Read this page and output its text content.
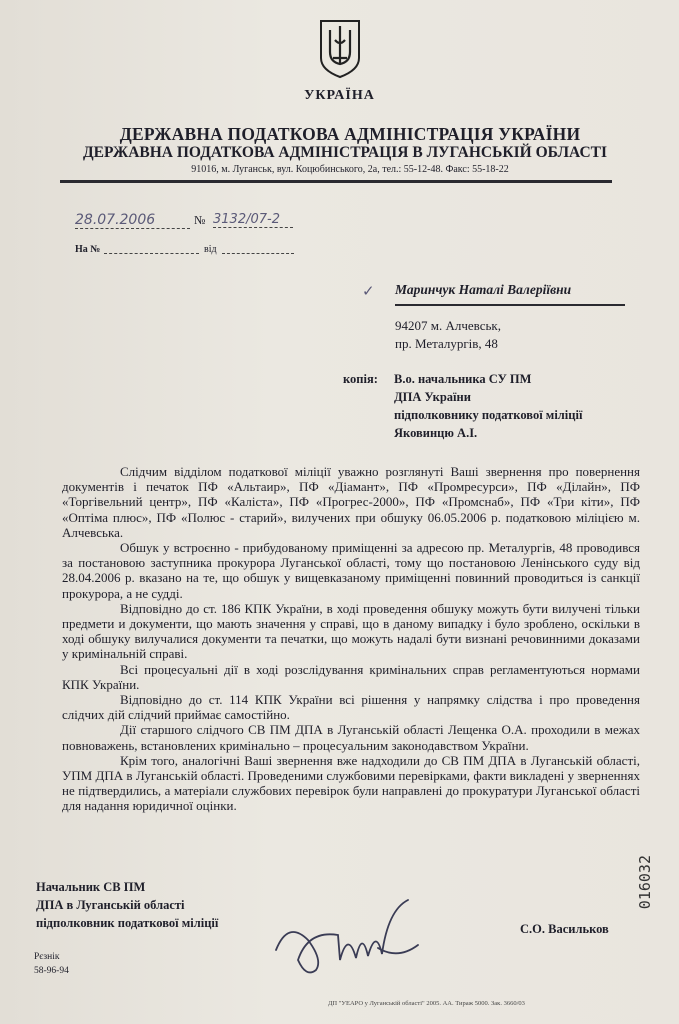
УКРАЇНА
ДЕРЖАВНА ПОДАТКОВА АДМІНІСТРАЦІЯ УКРАЇНИ
ДЕРЖАВНА ПОДАТКОВА АДМІНІСТРАЦІЯ В ЛУГАНСЬКІЙ ОБЛАСТІ
91016, м. Луганськ, вул. Коцюбинського, 2а, тел.: 55-12-48. Факс: 55-18-22
28.07.2006	№ 3132/07-2
На №	від
✓ Маринчук Наталі Валеріївни
94207 м. Алчевськ,
пр. Металургів, 48
копія: В.о. начальника СУ ПМ
ДПА України
підполковнику податкової міліції
Яковинцю А.І.

Слідчим відділом податкової міліції уважно розглянуті Ваші звернення про повернення документів і печаток ПФ «Альтаир», ПФ «Діамант», ПФ «Промресурси», ПФ «Ділайн», ПФ «Торгівельний центр», ПФ «Каліста», ПФ «Прогрес-2000», ПФ «Промснаб», ПФ «Три кіти», ПФ «Оптіма плюс», ПФ «Полюс - старий», вилучених при обшуку 06.05.2006 р. податковою міліцією м. Алчевська.

Обшук у встроєнно - прибудованому приміщенні за адресою пр. Металургів, 48 проводився за постановою заступника прокурора Луганської області, тому що постановою Ленінського суду від 28.04.2006 р. вказано на те, що обшук у вищевказаному приміщенні повинний проводиться із санкції прокурора, а не судді.

Відповідно до ст. 186 КПК України, в ході проведення обшуку можуть бути вилучені тільки предмети и документи, що мають значення у справі, що в даному випадку і було зроблено, оскільки в ході обшуку вилучалися документи та печатки, що можуть надалі бути визнані речовинними доказами у кримінальній справі.

Всі процесуальні дії в ході розслідування кримінальних справ регламентуються нормами КПК України.

Відповідно до ст. 114 КПК України всі рішення у напрямку слідства і про проведення слідчих дій слідчий приймає самостійно.

Дії старшого слідчого СВ ПМ ДПА в Луганській області Лещенка О.А. проходили в межах повноважень, встановлених кримінально – процесуальним законодавством України.

Крім того, аналогічні Ваші звернення вже надходили до СВ ПМ ДПА в Луганській області, УПМ ДПА в Луганській області. Проведеними службовими перевірками, факти викладені у зверненнях не підтвердились, а матеріали службових перевірок були направлені до прокуратури Луганської області для надання юридичної оцінки.

Начальник СВ ПМ
ДПА в Луганській області
підполковник податкової міліції	С.О. Васильков
Рєзнік
58-96-94
ДП "УЕАРО у Луганській області" 2005. АА. Тираж 5000. Зак. 3660/03
016032
